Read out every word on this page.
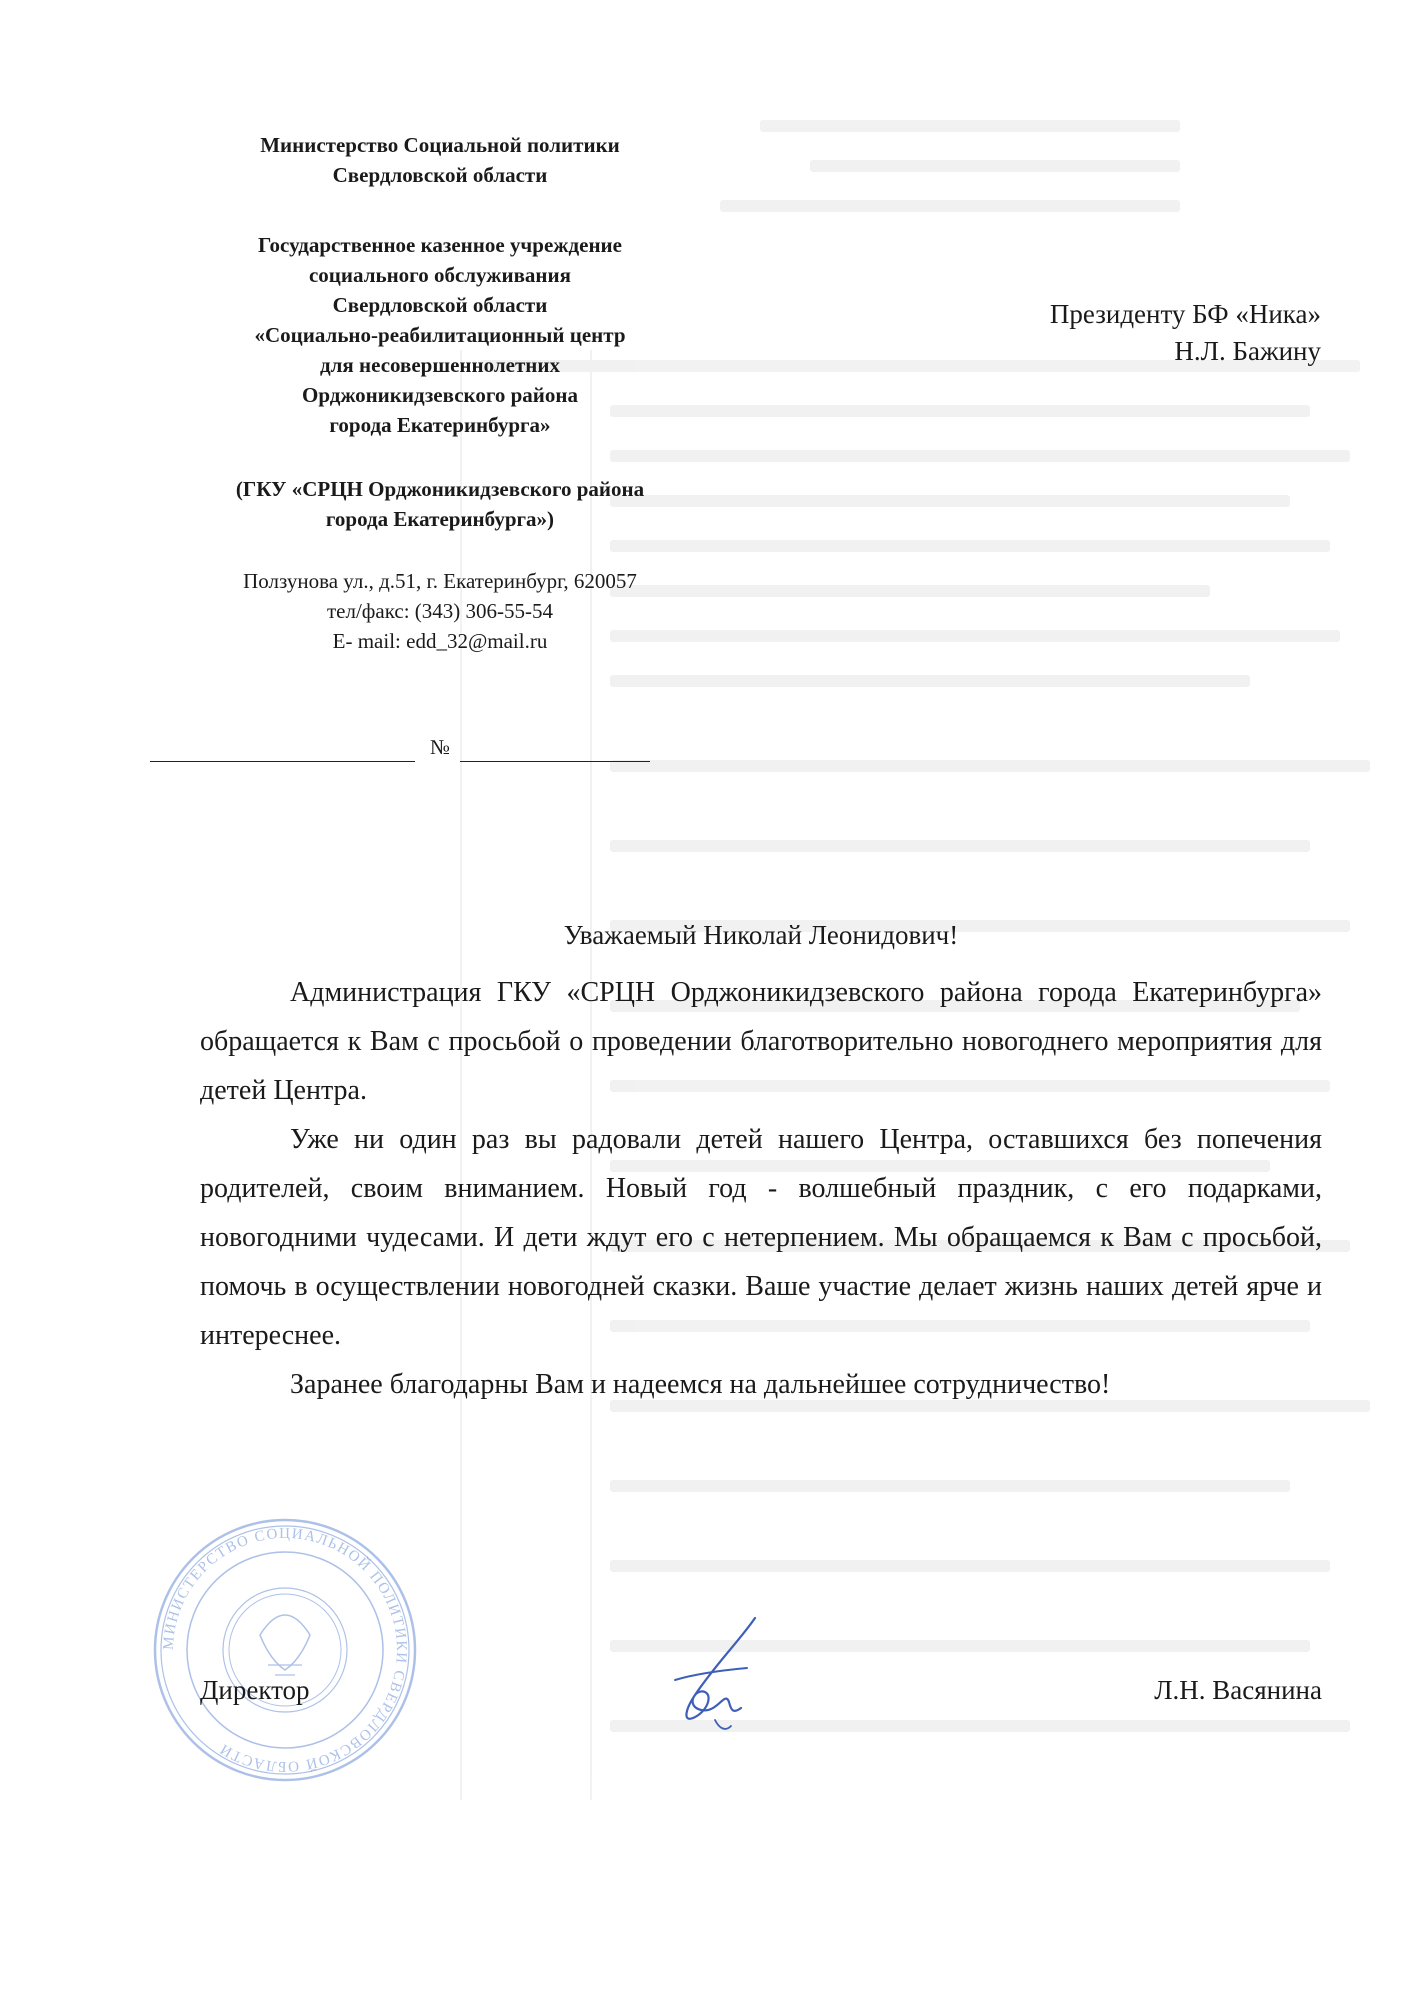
Министерство Социальной политики
Свердловской области
Государственное казенное учреждение
социального обслуживания
Свердловской области
«Социально-реабилитационный центр
для несовершеннолетних
Орджоникидзевского района
города Екатеринбурга»
(ГКУ «СРЦН Орджоникидзевского района
города Екатеринбурга»)
Ползунова ул., д.51, г. Екатеринбург, 620057
тел/факс: (343) 306-55-54
E- mail: edd_32@mail.ru
№
Президенту БФ «Ника»
Н.Л. Бажину
Уважаемый Николай Леонидович!

Администрация ГКУ «СРЦН Орджоникидзевского района города Екатеринбурга» обращается к Вам с просьбой о проведении благотворительно новогоднего мероприятия для детей Центра.

Уже ни один раз вы радовали детей нашего Центра, оставшихся без попечения родителей, своим вниманием. Новый год - волшебный праздник, с его подарками, новогодними чудесами. И дети ждут его с нетерпением. Мы обращаемся к Вам с просьбой, помочь в осуществлении новогодней сказки. Ваше участие делает жизнь наших детей ярче и интереснее.

Заранее благодарны Вам и надеемся на дальнейшее сотрудничество!

МИНИСТЕРСТВО СОЦИАЛЬНОЙ ПОЛИТИКИ СВЕРДЛОВСКОЙ ОБЛАСТИ
Директор	Л.Н. Васянина
